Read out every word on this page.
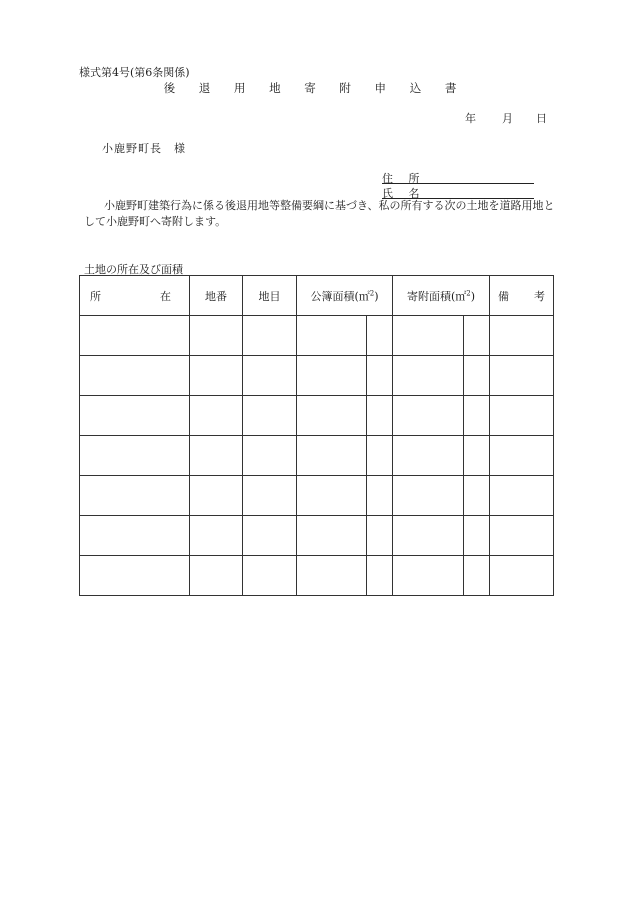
様式第4号(第6条関係)
後 退 用 地 寄 附 申 込 書
年 月 日
小鹿野町長　様
住 所
氏 名
小鹿野町建築行為に係る後退用地等整備要綱に基づき、私の所有する次の土地を道路用地として小鹿野町へ寄附します。
土地の所在及び面積
所 在	地番	地目	公簿面積(㎡$^2$)		寄附面積(㎡$^2$)		備 考
